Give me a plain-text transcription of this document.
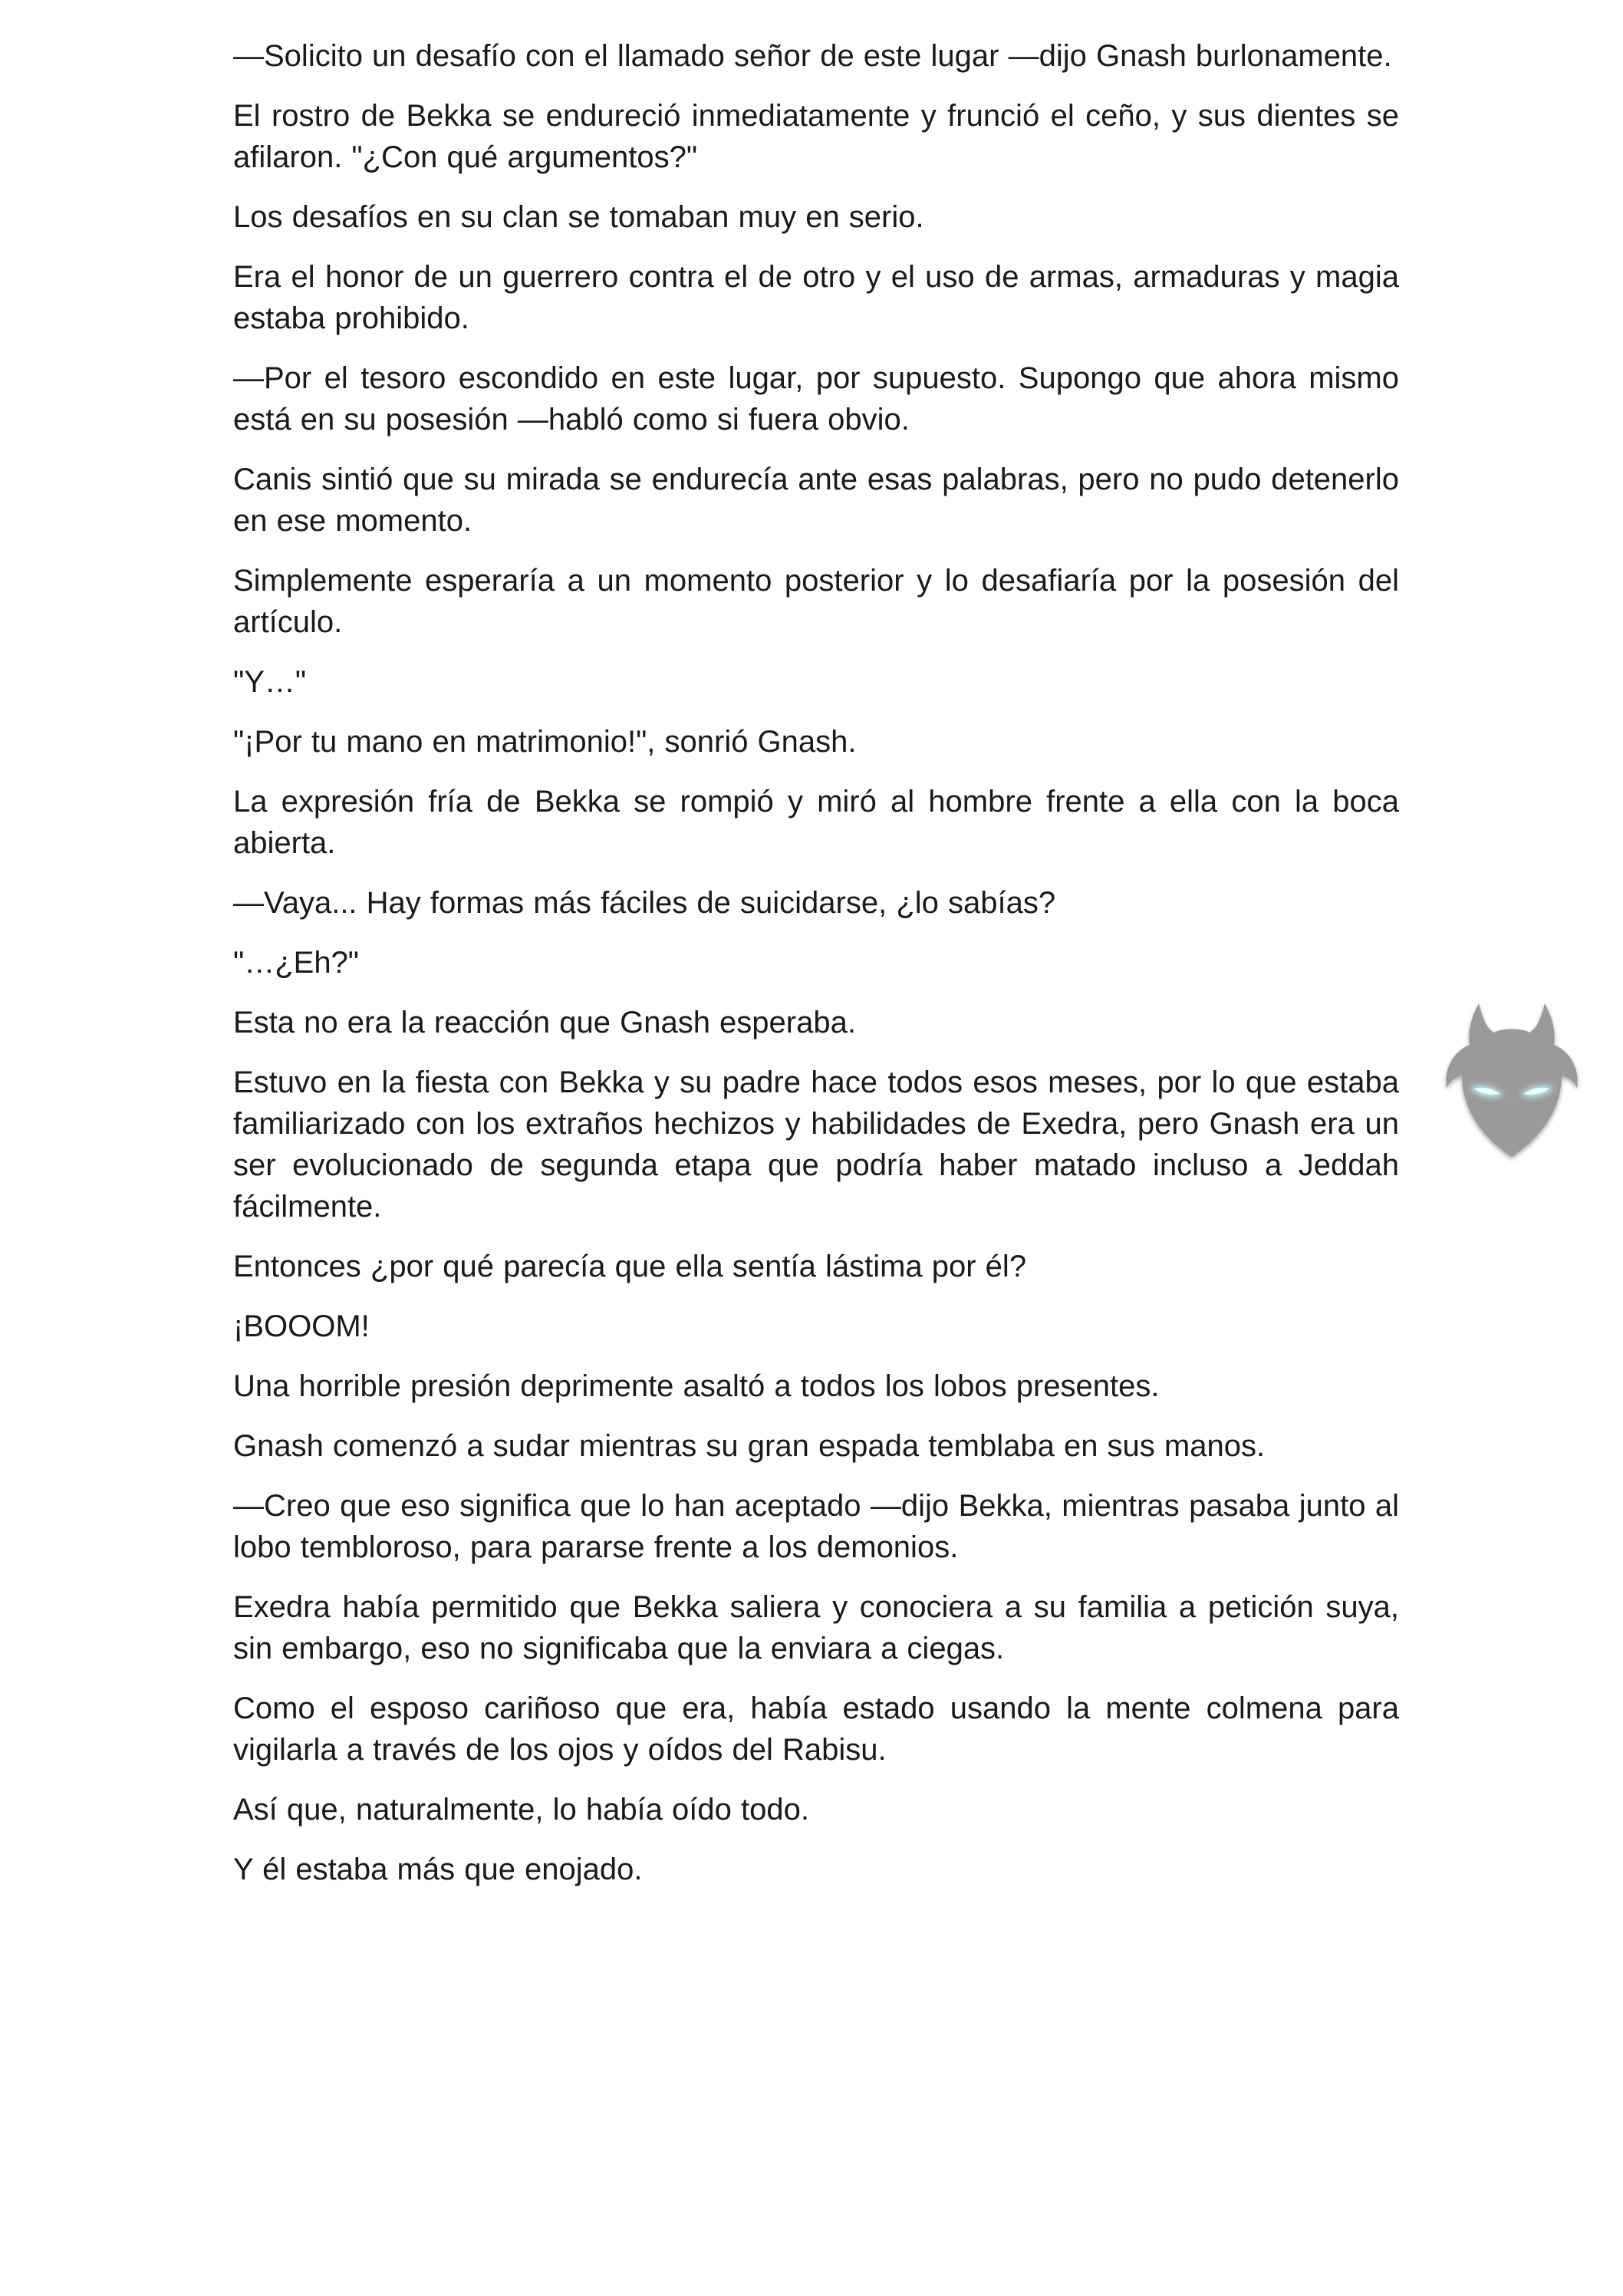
—Solicito un desafío con el llamado señor de este lugar —dijo Gnash burlonamente.

El rostro de Bekka se endureció inmediatamente y frunció el ceño, y sus dientes se afilaron. "¿Con qué argumentos?"

Los desafíos en su clan se tomaban muy en serio.

Era el honor de un guerrero contra el de otro y el uso de armas, armaduras y magia estaba prohibido.

—Por el tesoro escondido en este lugar, por supuesto. Supongo que ahora mismo está en su posesión —habló como si fuera obvio.

Canis sintió que su mirada se endurecía ante esas palabras, pero no pudo detenerlo en ese momento.

Simplemente esperaría a un momento posterior y lo desafiaría por la posesión del artículo.

"Y…"

"¡Por tu mano en matrimonio!", sonrió Gnash.

La expresión fría de Bekka se rompió y miró al hombre frente a ella con la boca abierta.

—Vaya... Hay formas más fáciles de suicidarse, ¿lo sabías?

"…¿Eh?"

Esta no era la reacción que Gnash esperaba.

Estuvo en la fiesta con Bekka y su padre hace todos esos meses, por lo que estaba familiarizado con los extraños hechizos y habilidades de Exedra, pero Gnash era un ser evolucionado de segunda etapa que podría haber matado incluso a Jeddah fácilmente.

Entonces ¿por qué parecía que ella sentía lástima por él?

¡BOOOM!

Una horrible presión deprimente asaltó a todos los lobos presentes.

Gnash comenzó a sudar mientras su gran espada temblaba en sus manos.

—Creo que eso significa que lo han aceptado —dijo Bekka, mientras pasaba junto al lobo tembloroso, para pararse frente a los demonios.

Exedra había permitido que Bekka saliera y conociera a su familia a petición suya, sin embargo, eso no significaba que la enviara a ciegas.

Como el esposo cariñoso que era, había estado usando la mente colmena para vigilarla a través de los ojos y oídos del Rabisu.

Así que, naturalmente, lo había oído todo.

Y él estaba más que enojado.
